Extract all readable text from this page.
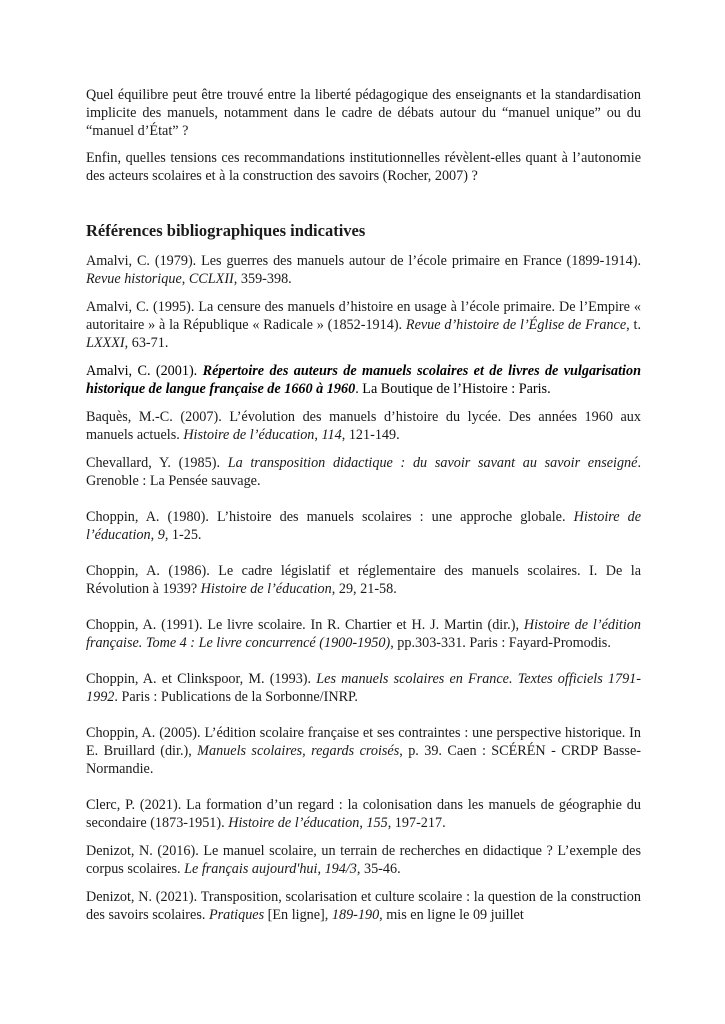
Quel équilibre peut être trouvé entre la liberté pédagogique des enseignants et la standardisation implicite des manuels, notamment dans le cadre de débats autour du “manuel unique” ou du “manuel d’État” ?

Enfin, quelles tensions ces recommandations institutionnelles révèlent-elles quant à l’autonomie des acteurs scolaires et à la construction des savoirs (Rocher, 2007) ?

Références bibliographiques indicatives

Amalvi, C. (1979). Les guerres des manuels autour de l’école primaire en France (1899-1914). Revue historique, CCLXII, 359-398.

Amalvi, C. (1995). La censure des manuels d’histoire en usage à l’école primaire. De l’Empire « autoritaire » à la République « Radicale » (1852-1914). Revue d’histoire de l’Église de France, t. LXXXI, 63-71.

Amalvi, C. (2001). Répertoire des auteurs de manuels scolaires et de livres de vulgarisation historique de langue française de 1660 à 1960. La Boutique de l’Histoire : Paris.

Baquès, M.-C. (2007). L’évolution des manuels d’histoire du lycée. Des années 1960 aux manuels actuels. Histoire de l’éducation, 114, 121-149.

Chevallard, Y. (1985). La transposition didactique : du savoir savant au savoir enseigné. Grenoble : La Pensée sauvage.

Choppin, A. (1980). L’histoire des manuels scolaires : une approche globale. Histoire de l’éducation, 9, 1-25.

Choppin, A. (1986). Le cadre législatif et réglementaire des manuels scolaires. I. De la Révolution à 1939? Histoire de l’éducation, 29, 21-58.

Choppin, A. (1991). Le livre scolaire. In R. Chartier et H. J. Martin (dir.), Histoire de l’édition française. Tome 4 : Le livre concurrencé (1900-1950), pp.303-331. Paris : Fayard-Promodis.

Choppin, A. et Clinkspoor, M. (1993). Les manuels scolaires en France. Textes officiels 1791-1992. Paris : Publications de la Sorbonne/INRP.

Choppin, A. (2005). L’édition scolaire française et ses contraintes : une perspective historique. In E. Bruillard (dir.), Manuels scolaires, regards croisés, p. 39. Caen : SCÉRÉN - CRDP Basse-Normandie.

Clerc, P. (2021). La formation d’un regard : la colonisation dans les manuels de géographie du secondaire (1873-1951). Histoire de l’éducation, 155, 197-217.

Denizot, N. (2016). Le manuel scolaire, un terrain de recherches en didactique ? L’exemple des corpus scolaires. Le français aujourd'hui, 194/3, 35-46.

Denizot, N. (2021). Transposition, scolarisation et culture scolaire : la question de la construction des savoirs scolaires. Pratiques [En ligne], 189-190, mis en ligne le 09 juillet
